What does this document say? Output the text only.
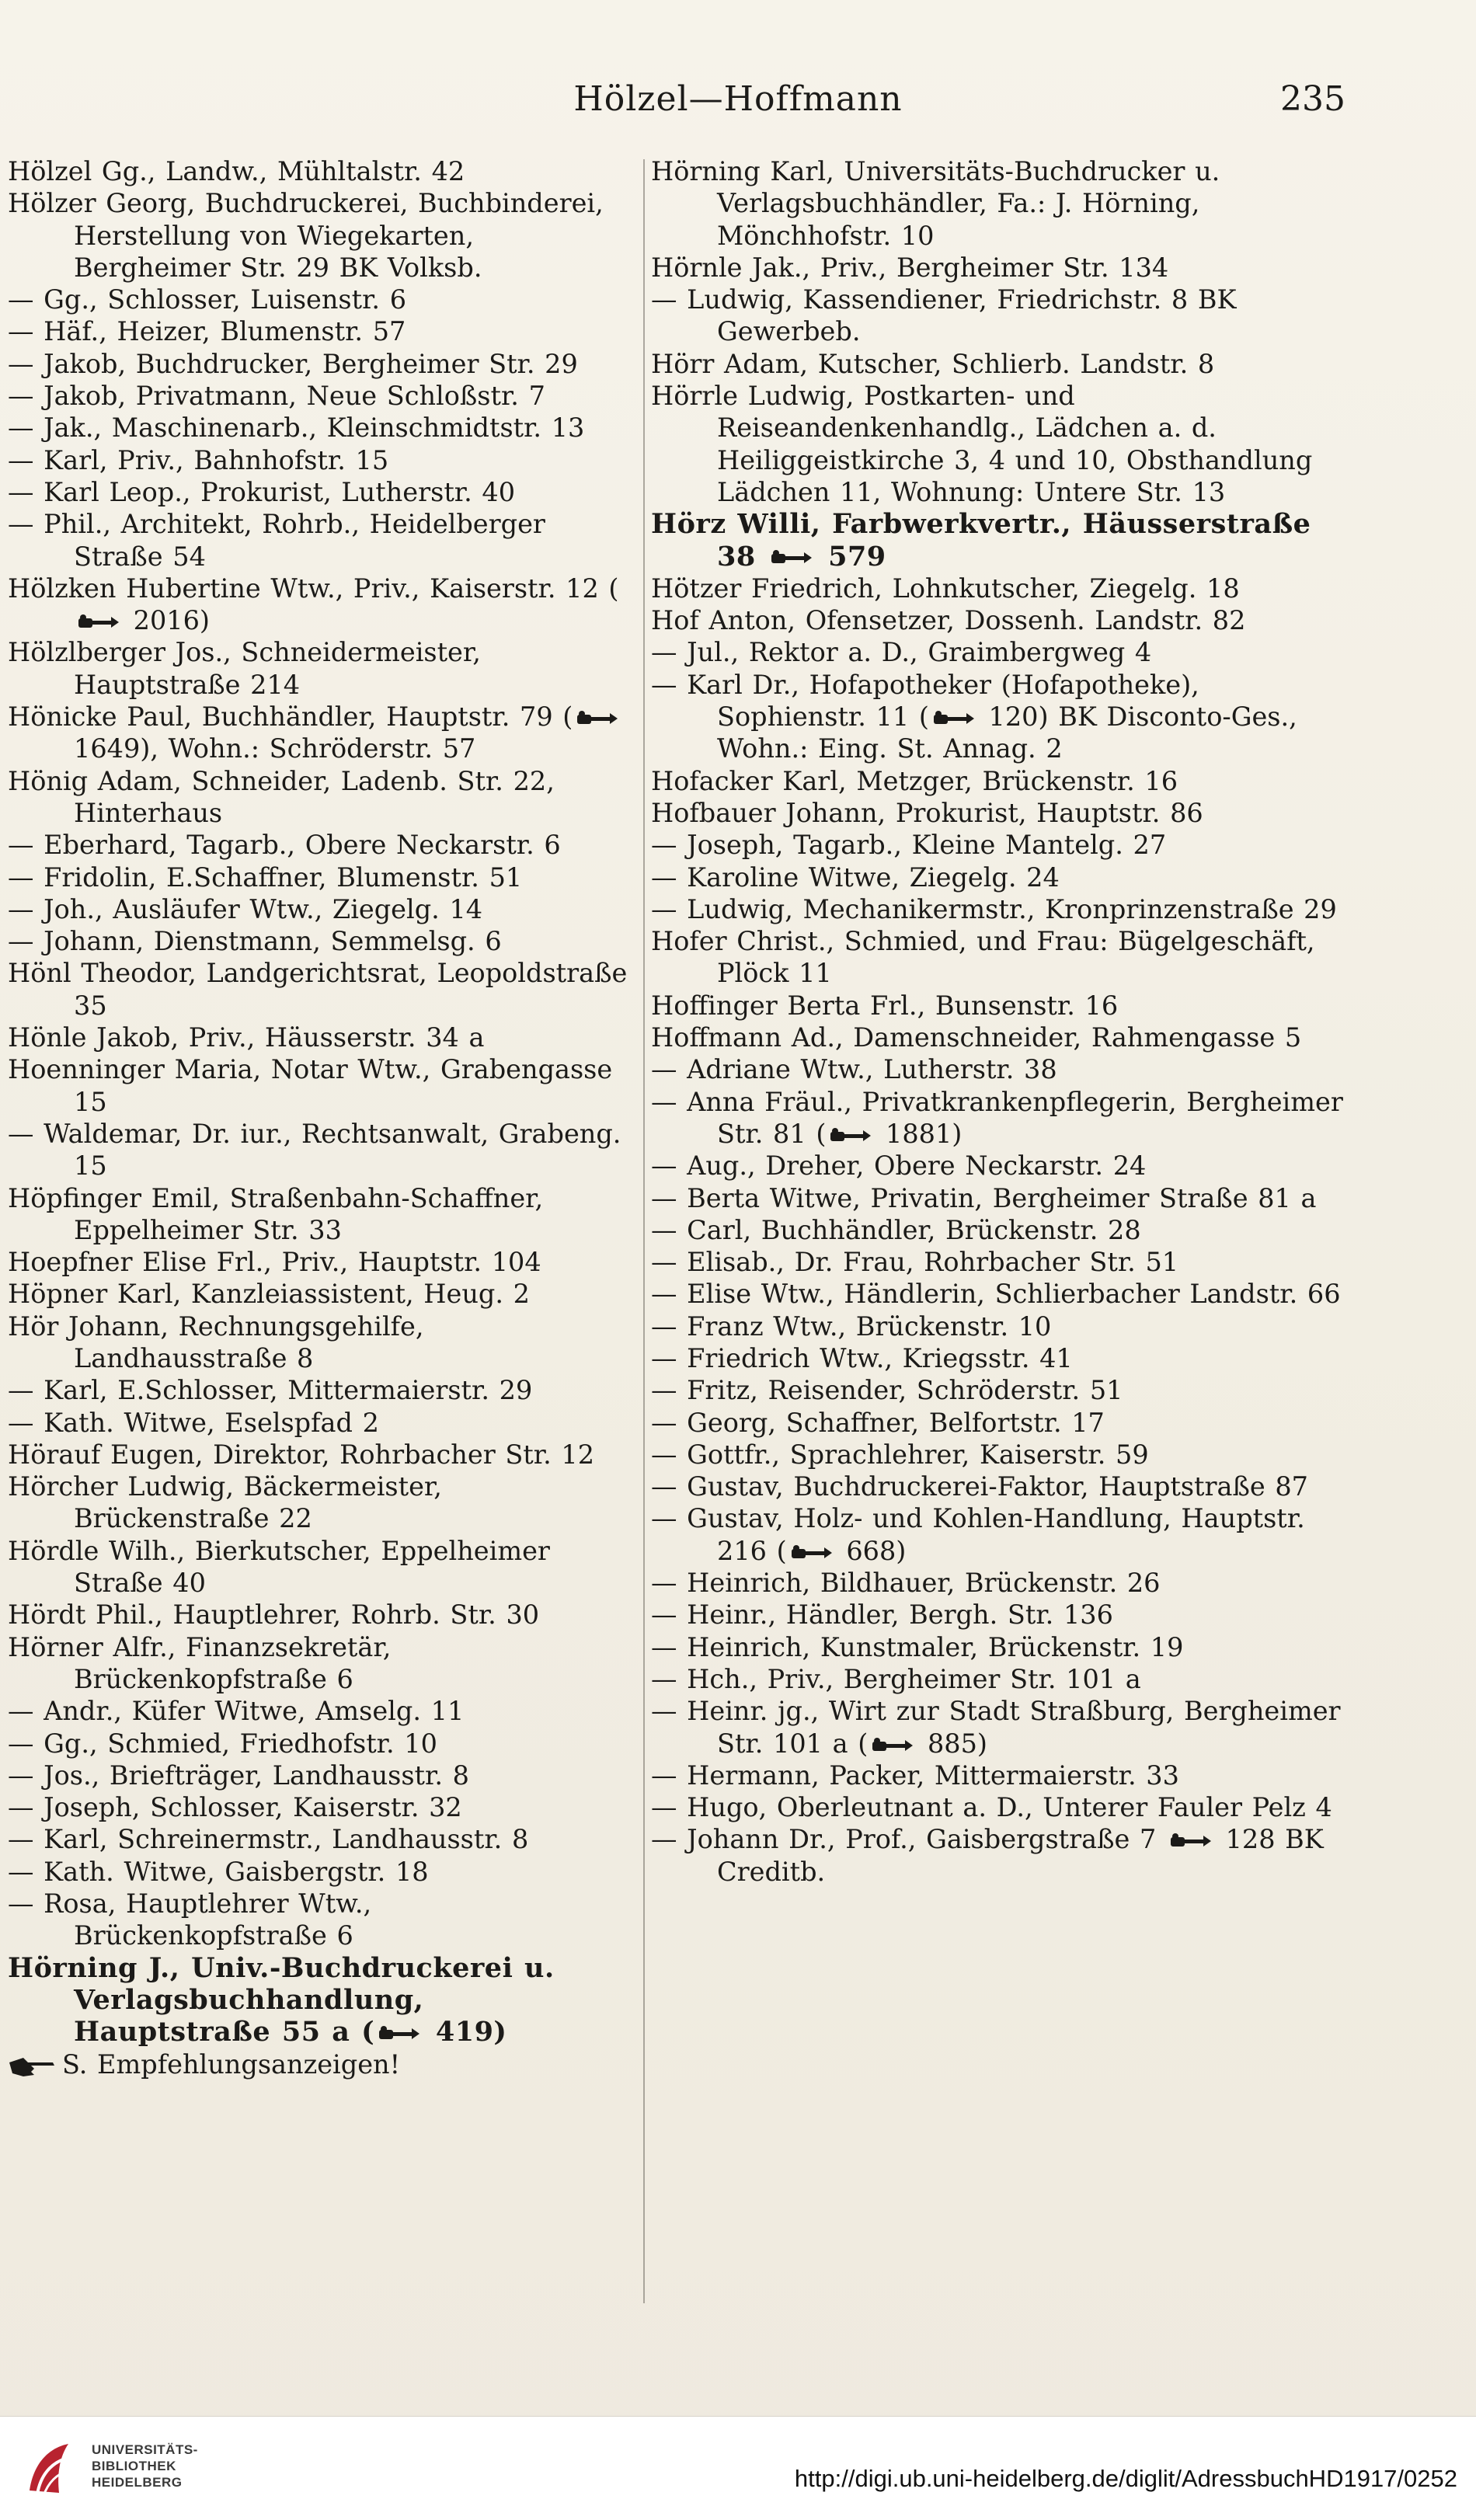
Hölzel—Hoffmann	235
Hölzel Gg., Landw., Mühltalstr. 42
Hölzer Georg, Buchdruckerei, Buchbinderei, Herstellung von Wiegekarten, Bergheimer Str. 29 BK Volksb.
— Gg., Schlosser, Luisenstr. 6
— Häf., Heizer, Blumenstr. 57
— Jakob, Buchdrucker, Bergheimer Str. 29
— Jakob, Privatmann, Neue Schloßstr. 7
— Jak., Maschinenarb., Kleinschmidtstr. 13
— Karl, Priv., Bahnhofstr. 15
— Karl Leop., Prokurist, Lutherstr. 40
— Phil., Architekt, Rohrb., Heidelberger Straße 54
Hölzken Hubertine Wtw., Priv., Kaiserstr. 12 (
2016)
Hölzlberger Jos., Schneidermeister, Hauptstraße 214
Hönicke Paul, Buchhändler, Hauptstr. 79 (
1649), Wohn.: Schröderstr. 57
Hönig Adam, Schneider, Ladenb. Str. 22, Hinterhaus
— Eberhard, Tagarb., Obere Neckarstr. 6
— Fridolin, E.Schaffner, Blumenstr. 51
— Joh., Ausläufer Wtw., Ziegelg. 14
— Johann, Dienstmann, Semmelsg. 6
Hönl Theodor, Landgerichtsrat, Leopoldstraße 35
Hönle Jakob, Priv., Häusserstr. 34 a
Hoenninger Maria, Notar Wtw., Grabengasse 15
— Waldemar, Dr. iur., Rechtsanwalt, Grabeng. 15
Höpfinger Emil, Straßenbahn-Schaffner, Eppelheimer Str. 33
Hoepfner Elise Frl., Priv., Hauptstr. 104
Höpner Karl, Kanzleiassistent, Heug. 2
Hör Johann, Rechnungsgehilfe, Landhausstraße 8
— Karl, E.Schlosser, Mittermaierstr. 29
— Kath. Witwe, Eselspfad 2
Hörauf Eugen, Direktor, Rohrbacher Str. 12
Hörcher Ludwig, Bäckermeister, Brückenstraße 22
Hördle Wilh., Bierkutscher, Eppelheimer Straße 40
Hördt Phil., Hauptlehrer, Rohrb. Str. 30
Hörner Alfr., Finanzsekretär, Brückenkopfstraße 6
— Andr., Küfer Witwe, Amselg. 11
— Gg., Schmied, Friedhofstr. 10
— Jos., Briefträger, Landhausstr. 8
— Joseph, Schlosser, Kaiserstr. 32
— Karl, Schreinermstr., Landhausstr. 8
— Kath. Witwe, Gaisbergstr. 18
— Rosa, Hauptlehrer Wtw., Brückenkopfstraße 6
Hörning J., Univ.-Buchdruckerei u. Verlagsbuchhandlung, Hauptstraße 55 a (
419)
S. Empfehlungsanzeigen!
Hörning Karl, Universitäts-Buchdrucker u. Verlagsbuchhändler, Fa.: J. Hörning, Mönchhofstr. 10
Hörnle Jak., Priv., Bergheimer Str. 134
— Ludwig, Kassendiener, Friedrichstr. 8 BK Gewerbeb.
Hörr Adam, Kutscher, Schlierb. Landstr. 8
Hörrle Ludwig, Postkarten- und Reiseandenkenhandlg., Lädchen a. d. Heiliggeistkirche 3, 4 und 10, Obsthandlung Lädchen 11, Wohnung: Untere Str. 13
Hörz Willi, Farbwerkvertr., Häusserstraße 38
579
Hötzer Friedrich, Lohnkutscher, Ziegelg. 18
Hof Anton, Ofensetzer, Dossenh. Landstr. 82
— Jul., Rektor a. D., Graimbergweg 4
— Karl Dr., Hofapotheker (Hofapotheke), Sophienstr. 11 (
120) BK Disconto-Ges., Wohn.: Eing. St. Annag. 2
Hofacker Karl, Metzger, Brückenstr. 16
Hofbauer Johann, Prokurist, Hauptstr. 86
— Joseph, Tagarb., Kleine Mantelg. 27
— Karoline Witwe, Ziegelg. 24
— Ludwig, Mechanikermstr., Kronprinzenstraße 29
Hofer Christ., Schmied, und Frau: Bügelgeschäft, Plöck 11
Hoffinger Berta Frl., Bunsenstr. 16
Hoffmann Ad., Damenschneider, Rahmengasse 5
— Adriane Wtw., Lutherstr. 38
— Anna Fräul., Privatkrankenpflegerin, Bergheimer Str. 81 (
1881)
— Aug., Dreher, Obere Neckarstr. 24
— Berta Witwe, Privatin, Bergheimer Straße 81 a
— Carl, Buchhändler, Brückenstr. 28
— Elisab., Dr. Frau, Rohrbacher Str. 51
— Elise Wtw., Händlerin, Schlierbacher Landstr. 66
— Franz Wtw., Brückenstr. 10
— Friedrich Wtw., Kriegsstr. 41
— Fritz, Reisender, Schröderstr. 51
— Georg, Schaffner, Belfortstr. 17
— Gottfr., Sprachlehrer, Kaiserstr. 59
— Gustav, Buchdruckerei-Faktor, Hauptstraße 87
— Gustav, Holz- und Kohlen-Handlung, Hauptstr. 216 (
668)
— Heinrich, Bildhauer, Brückenstr. 26
— Heinr., Händler, Bergh. Str. 136
— Heinrich, Kunstmaler, Brückenstr. 19
— Hch., Priv., Bergheimer Str. 101 a
— Heinr. jg., Wirt zur Stadt Straßburg, Bergheimer Str. 101 a (
885)
— Hermann, Packer, Mittermaierstr. 33
— Hugo, Oberleutnant a. D., Unterer Fauler Pelz 4
— Johann Dr., Prof., Gaisbergstraße 7
128 BK Creditb.
UNIVERSITÄTS-
BIBLIOTHEK
HEIDELBERG	http://digi.ub.uni-heidelberg.de/diglit/AdressbuchHD1917/0252
